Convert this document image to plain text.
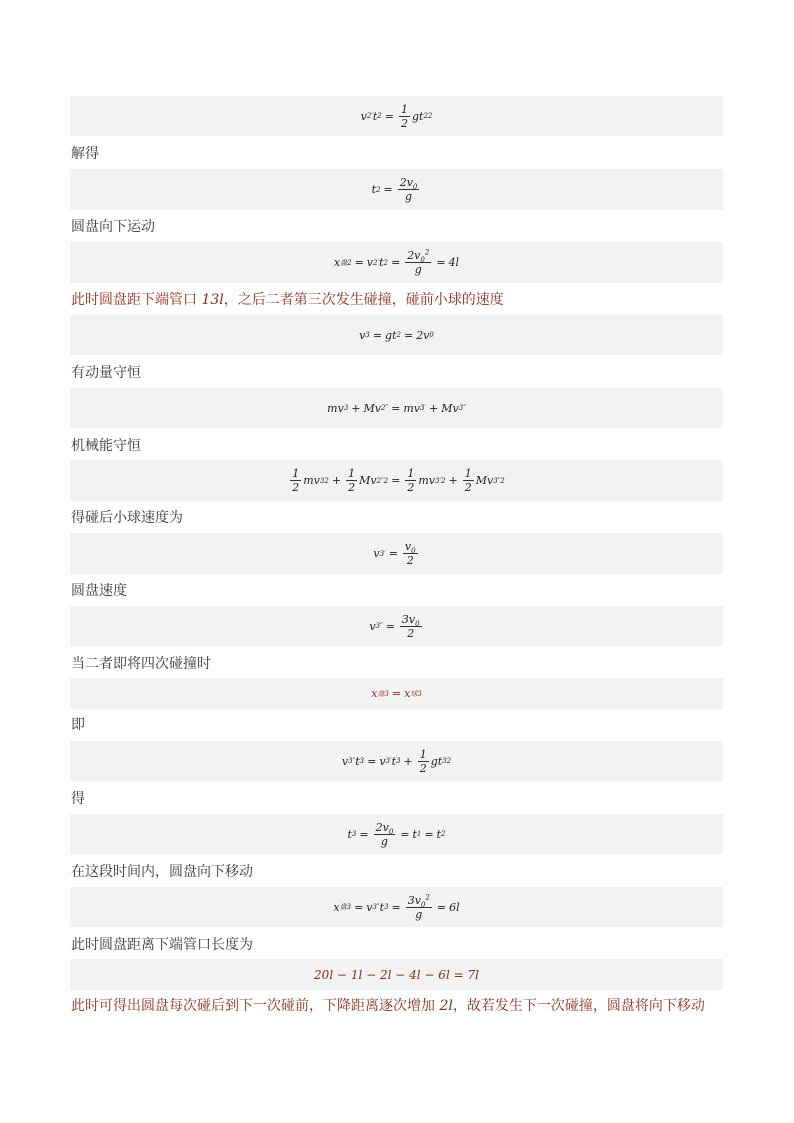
v 2 ′ t $2 = \frac{1}{2}$ gt 2 2
解得
t $2 = \frac{2v_0}{g}$
圆盘向下运动
x 盘2 = v 2 ′ t $2 = \frac{2v_0^2}{g} = 4l$
此时圆盘距下端管口 13l，之后二者第三次发生碰撞，碰前小球的速度
v 3 = gt 2 = 2v 0
有动量守恒
mv 3 + Mv 2 ″ = mv 3 ′ + Mv 3 ″
机械能守恒
$\frac{1}{2}$ mv 3 $2 + \frac{1}{2}$ Mv 2 $''2 = \frac{1}{2}$ mv 3 $'2 + \frac{1}{2}$ Mv 3 ″2
得碰后小球速度为
v 3 ′ = $\frac{v_0}{2}$
圆盘速度
v 3 ″ = $\frac{3v_0}{2}$
当二者即将四次碰撞时
x 盘3 = x 球3
即
v 3 ″ t 3 = v 3 ′ t $3 + \frac{1}{2}$ gt 3 2
得
t $3 = \frac{2v_0}{g} = t$ 1 = t 2
在这段时间内，圆盘向下移动
x 盘3 = v 3 ″ t $3 = \frac{3v_0^2}{g} = 6l$
此时圆盘距离下端管口长度为
20l − 1l − 2l − 4l − 6l = 7l
此时可得出圆盘每次碰后到下一次碰前，下降距离逐次增加 2l，故若发生下一次碰撞，圆盘将向下移动
